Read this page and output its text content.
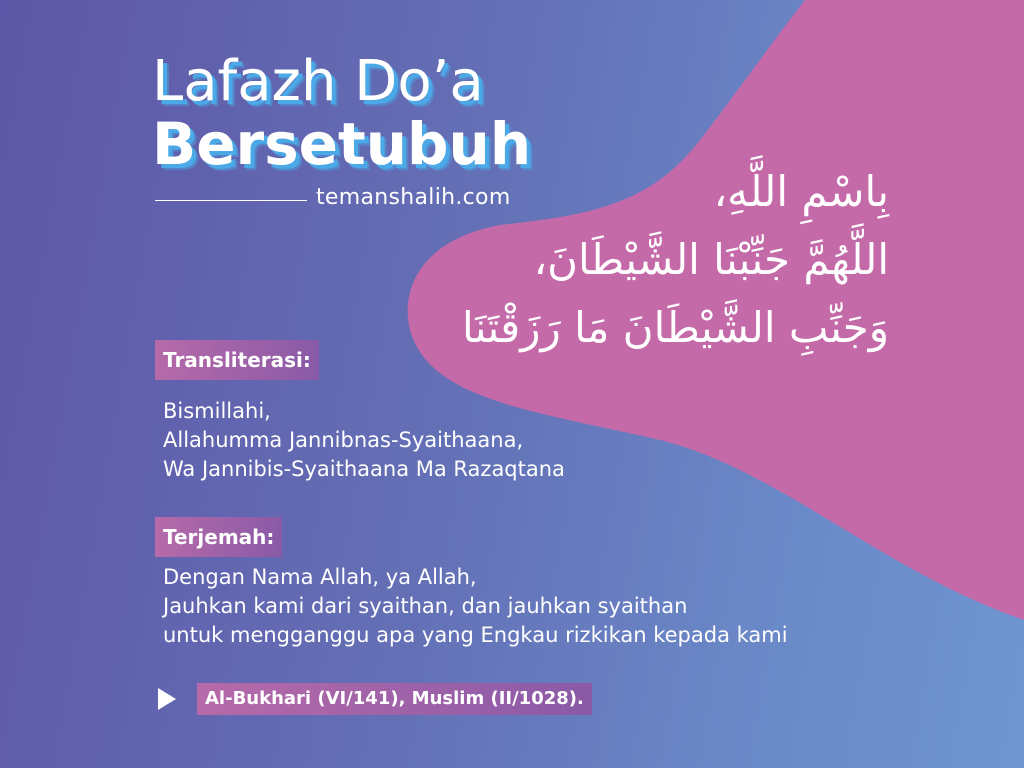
Lafazh Do’a
Bersetubuh
temanshalih.com	بِاسْمِ اللَّهِ،
اللَّهُمَّ جَنِّبْنَا الشَّيْطَانَ،
وَجَنِّبِ الشَّيْطَانَ مَا رَزَقْتَنَا
Transliterasi:
Bismillahi,
Allahumma Jannibnas-Syaithaana,
Wa Jannibis-Syaithaana Ma Razaqtana
Terjemah:
Dengan Nama Allah, ya Allah,
Jauhkan kami dari syaithan, dan jauhkan syaithan
untuk mengganggu apa yang Engkau rizkikan kepada kami
Al-Bukhari (VI/141), Muslim (II/1028).
